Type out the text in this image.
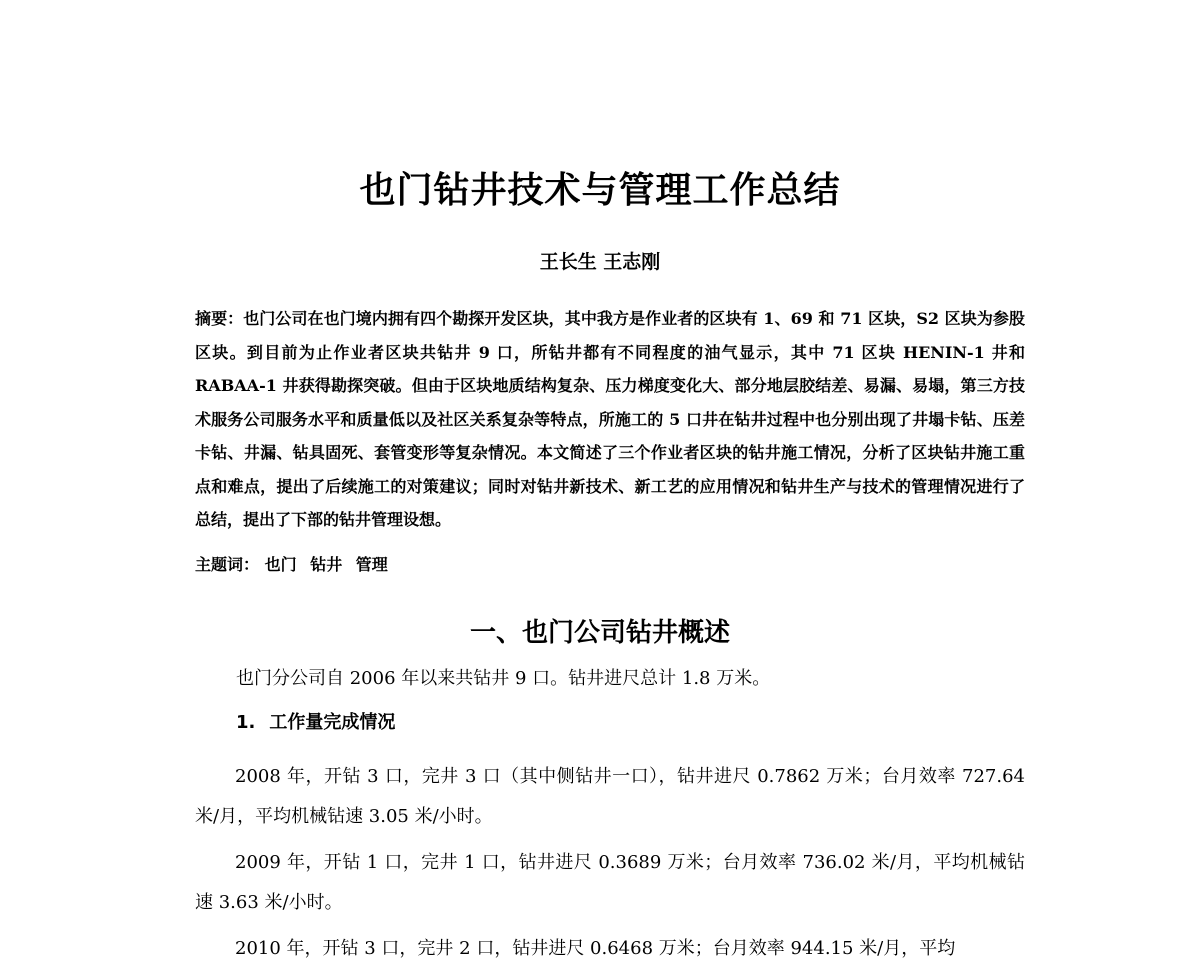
也门钻井技术与管理工作总结
王长生 王志刚
摘要：也门公司在也门境内拥有四个勘探开发区块，其中我方是作业者的区块有 1、69 和 71 区块，S2 区块为参股区块。到目前为止作业者区块共钻井 9 口，所钻井都有不同程度的油气显示，其中 71 区块 HENIN-1 井和 RABAA-1 井获得勘探突破。但由于区块地质结构复杂、压力梯度变化大、部分地层胶结差、易漏、易塌，第三方技术服务公司服务水平和质量低以及社区关系复杂等特点，所施工的 5 口井在钻井过程中也分别出现了井塌卡钻、压差卡钻、井漏、钻具固死、套管变形等复杂情况。本文简述了三个作业者区块的钻井施工情况，分析了区块钻井施工重点和难点，提出了后续施工的对策建议；同时对钻井新技术、新工艺的应用情况和钻井生产与技术的管理情况进行了总结，提出了下部的钻井管理设想。
主题词： 也门 钻井 管理
一、也门公司钻井概述
也门分公司自 2006 年以来共钻井 9 口。钻井进尺总计 1.8 万米。
1. 工作量完成情况
2008 年，开钻 3 口，完井 3 口（其中侧钻井一口），钻井进尺 0.7862 万米；台月效率 727.64 米/月，平均机械钻速 3.05 米/小时。
2009 年，开钻 1 口，完井 1 口，钻井进尺 0.3689 万米；台月效率 736.02 米/月，平均机械钻速 3.63 米/小时。
2010 年，开钻 3 口，完井 2 口，钻井进尺 0.6468 万米；台月效率 944.15 米/月，平均
